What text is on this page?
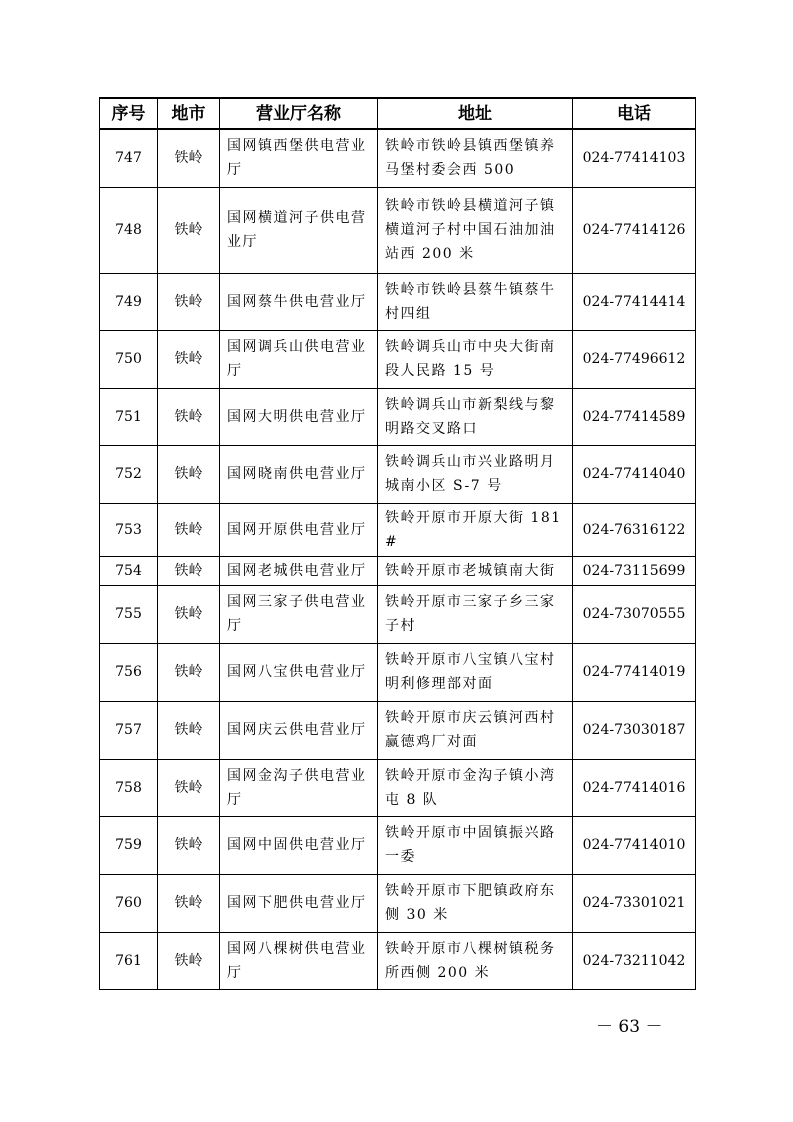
序号	地市	营业厅名称	地址	电话
747	铁岭	国网镇西堡供电营业厅	铁岭市铁岭县镇西堡镇养马堡村委会西 500	024-77414103
748	铁岭	国网横道河子供电营业厅	铁岭市铁岭县横道河子镇横道河子村中国石油加油站西 200 米	024-77414126
749	铁岭	国网蔡牛供电营业厅	铁岭市铁岭县蔡牛镇蔡牛村四组	024-77414414
750	铁岭	国网调兵山供电营业厅	铁岭调兵山市中央大街南段人民路 15 号	024-77496612
751	铁岭	国网大明供电营业厅	铁岭调兵山市新梨线与黎明路交叉路口	024-77414589
752	铁岭	国网晓南供电营业厅	铁岭调兵山市兴业路明月城南小区 S-7 号	024-77414040
753	铁岭	国网开原供电营业厅	铁岭开原市开原大街 181#	024-76316122
754	铁岭	国网老城供电营业厅	铁岭开原市老城镇南大街	024-73115699
755	铁岭	国网三家子供电营业厅	铁岭开原市三家子乡三家子村	024-73070555
756	铁岭	国网八宝供电营业厅	铁岭开原市八宝镇八宝村明利修理部对面	024-77414019
757	铁岭	国网庆云供电营业厅	铁岭开原市庆云镇河西村赢德鸡厂对面	024-73030187
758	铁岭	国网金沟子供电营业厅	铁岭开原市金沟子镇小湾屯 8 队	024-77414016
759	铁岭	国网中固供电营业厅	铁岭开原市中固镇振兴路一委	024-77414010
760	铁岭	国网下肥供电营业厅	铁岭开原市下肥镇政府东侧 30 米	024-73301021
761	铁岭	国网八棵树供电营业厅	铁岭开原市八棵树镇税务所西侧 200 米	024-73211042
－ 63 －
